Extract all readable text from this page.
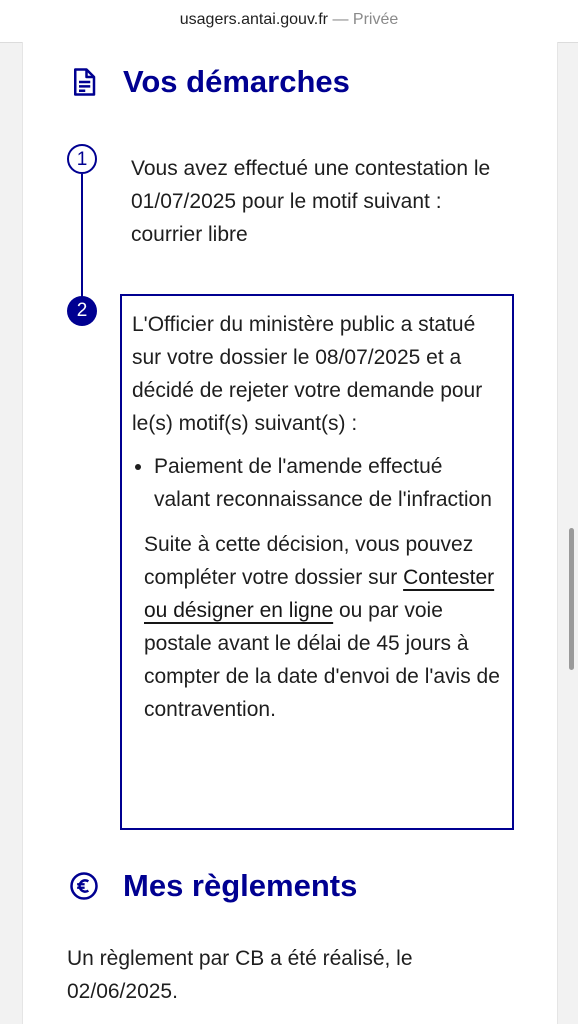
usagers.antai.gouv.fr — Privée
Vos démarches
1	Vous avez effectué une contestation le 01/07/2025 pour le motif suivant : courrier libre
2
L'Officier du ministère public a statué sur votre dossier le 08/07/2025 et a décidé de rejeter votre demande pour le(s) motif(s) suivant(s) :
• Paiement de l'amende effectué valant reconnaissance de l'infraction
Suite à cette décision, vous pouvez compléter votre dossier sur Contester ou désigner en ligne ou par voie postale avant le délai de 45 jours à compter de la date d'envoi de l'avis de contravention.
Mes règlements
Un règlement par CB a été réalisé, le 02/06/2025.
